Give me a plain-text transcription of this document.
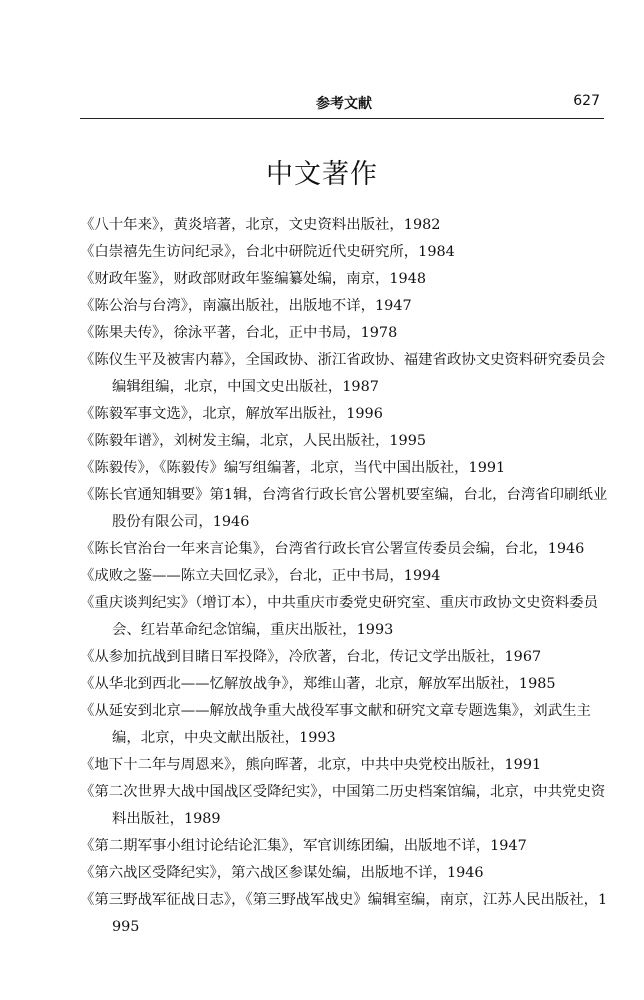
参考文献	627
中文著作
《八十年来》，黄炎培著，北京，文史资料出版社，1982
《白崇禧先生访问纪录》，台北中研院近代史研究所，1984
《财政年鉴》，财政部财政年鉴编纂处编，南京，1948
《陈公治与台湾》，南瀛出版社，出版地不详，1947
《陈果夫传》，徐泳平著，台北，正中书局，1978
《陈仪生平及被害内幕》，全国政协、浙江省政协、福建省政协文史资料研究委员会编辑组编，北京，中国文史出版社，1987
《陈毅军事文选》，北京，解放军出版社，1996
《陈毅年谱》，刘树发主编，北京，人民出版社，1995
《陈毅传》，《陈毅传》编写组编著，北京，当代中国出版社，1991
《陈长官通知辑要》第1辑，台湾省行政长官公署机要室编，台北，台湾省印刷纸业股份有限公司，1946
《陈长官治台一年来言论集》，台湾省行政长官公署宣传委员会编，台北，1946
《成败之鉴——陈立夫回忆录》，台北，正中书局，1994
《重庆谈判纪实》（增订本），中共重庆市委党史研究室、重庆市政协文史资料委员会、红岩革命纪念馆编，重庆出版社，1993
《从参加抗战到目睹日军投降》，冷欣著，台北，传记文学出版社，1967
《从华北到西北——忆解放战争》，郑维山著，北京，解放军出版社，1985
《从延安到北京——解放战争重大战役军事文献和研究文章专题选集》，刘武生主编，北京，中央文献出版社，1993
《地下十二年与周恩来》，熊向晖著，北京，中共中央党校出版社，1991
《第二次世界大战中国战区受降纪实》，中国第二历史档案馆编，北京，中共党史资料出版社，1989
《第二期军事小组讨论结论汇集》，军官训练团编，出版地不详，1947
《第六战区受降纪实》，第六战区参谋处编，出版地不详，1946
《第三野战军征战日志》，《第三野战军战史》编辑室编，南京，江苏人民出版社，1995
